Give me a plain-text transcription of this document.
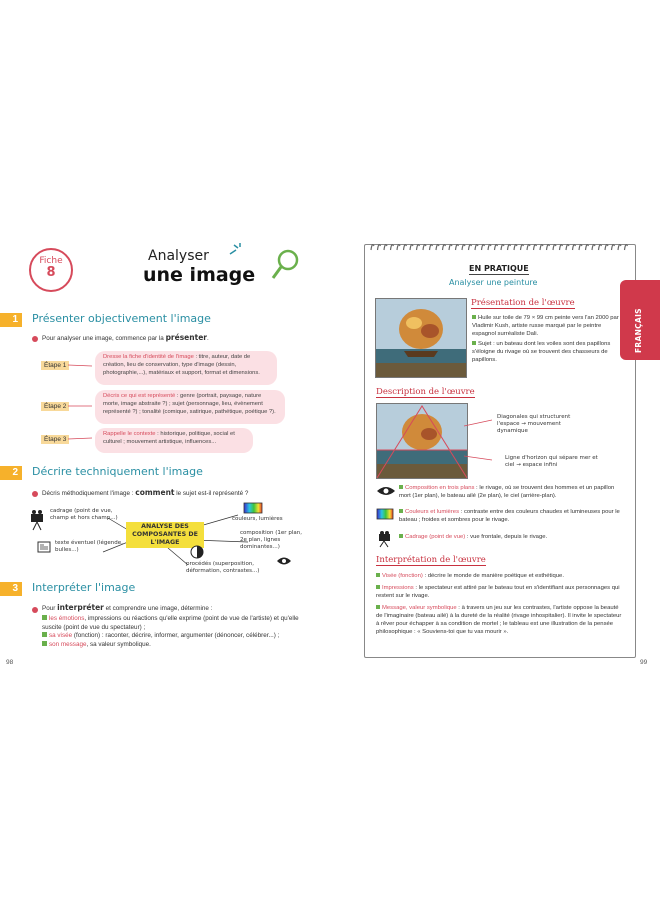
Fiche
8
Analyser
une image
1	Présenter objectivement l'image
Pour analyser une image, commence par la présenter.
Étape 1
Dresse la fiche d'identité de l'image : titre, auteur, date de création, lieu de conservation, type d'image (dessin, photographie,...), matériaux et support, format et dimensions.
Étape 2
Décris ce qui est représenté : genre (portrait, paysage, nature morte, image abstraite ?) ; sujet (personnage, lieu, évènement représenté ?) ; tonalité (comique, satirique, pathétique, poétique ?).
Étape 3
Rappelle le contexte : historique, politique, social et culturel ; mouvement artistique, influences...
2	Décrire techniquement l'image
Décris méthodiquement l'image : comment le sujet est-il représenté ?
cadrage (point de vue, champ et hors champ...)
texte éventuel (légende, bulles...)
ANALYSE DES COMPOSANTES DE L'IMAGE
couleurs, lumières
composition (1er plan, 2e plan, lignes dominantes...)
procédés (superposition, déformation, contrastes...)
3	Interpréter l'image
Pour interpréter et comprendre une image, détermine :
les émotions, impressions ou réactions qu'elle exprime (point de vue de l'artiste) et qu'elle suscite (point de vue du spectateur) ;
sa visée (fonction) : raconter, décrire, informer, argumenter (dénoncer, célébrer...) ;
son message, sa valeur symbolique.
98
EN PRATIQUE
Analyser une peinture
FRANÇAIS
Présentation de l'œuvre
Huile sur toile de 79 × 99 cm peinte vers l'an 2000 par Vladimir Kush, artiste russe marqué par le peintre espagnol surréaliste Dali.
Sujet : un bateau dont les voiles sont des papillons s'éloigne du rivage où se trouvent des chasseurs de papillons.
Description de l'œuvre
Diagonales qui structurent l'espace → mouvement dynamique
Ligne d'horizon qui sépare mer et ciel → espace infini
Composition en trois plans : le rivage, où se trouvent des hommes et un papillon mort (1er plan), le bateau ailé (2e plan), le ciel (arrière-plan).
Couleurs et lumières : contraste entre des couleurs chaudes et lumineuses pour le bateau ; froides et sombres pour le rivage.
Cadrage (point de vue) : vue frontale, depuis le rivage.
Interprétation de l'œuvre
Visée (fonction) : décrire le monde de manière poétique et esthétique.
Impressions : le spectateur est attiré par le bateau tout en s'identifiant aux personnages qui restent sur le rivage.
Message, valeur symbolique : à travers un jeu sur les contrastes, l'artiste oppose la beauté de l'imaginaire (bateau ailé) à la dureté de la réalité (rivage inhospitalier). Il invite le spectateur à rêver pour échapper à sa condition de mortel ; le tableau est une illustration de la pensée philosophique : « Souviens-toi que tu vas mourir ».
99
